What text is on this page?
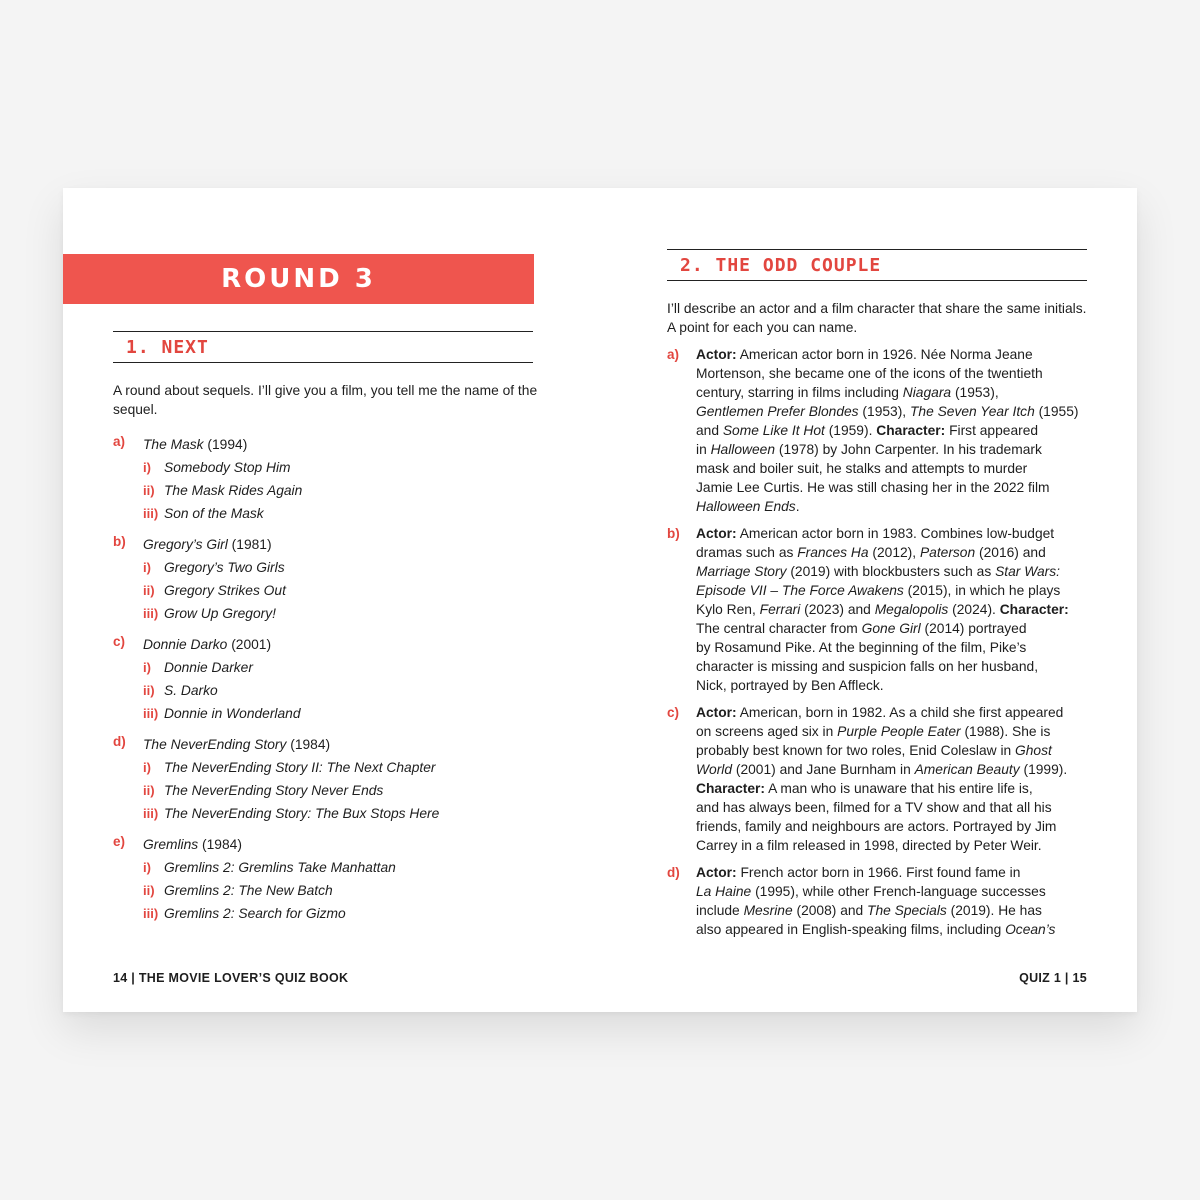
ROUND 3
1. NEXT

A round about sequels. I’ll give you a film, you tell me the name of the sequel.

a) The Mask (1994)
i) Somebody Stop Him
ii) The Mask Rides Again
iii) Son of the Mask
b) Gregory’s Girl (1981)
i) Gregory’s Two Girls
ii) Gregory Strikes Out
iii) Grow Up Gregory!
c) Donnie Darko (2001)
i) Donnie Darker
ii) S. Darko
iii) Donnie in Wonderland
d) The NeverEnding Story (1984)
i) The NeverEnding Story II: The Next Chapter
ii) The NeverEnding Story Never Ends
iii) The NeverEnding Story: The Bux Stops Here
e) Gremlins (1984)
i) Gremlins 2: Gremlins Take Manhattan
ii) Gremlins 2: The New Batch
iii) Gremlins 2: Search for Gizmo
14 | THE MOVIE LOVER’S QUIZ BOOK
2. THE ODD COUPLE

I’ll describe an actor and a film character that share the same initials. A point for each you can name.

a) Actor: American actor born in 1926. Née Norma Jeane
Mortenson, she became one of the icons of the twentieth
century, starring in films including Niagara (1953),
Gentlemen Prefer Blondes (1953), The Seven Year Itch (1955)
and Some Like It Hot (1959). Character: First appeared
in Halloween (1978) by John Carpenter. In his trademark
mask and boiler suit, he stalks and attempts to murder
Jamie Lee Curtis. He was still chasing her in the 2022 film
Halloween Ends.
b) Actor: American actor born in 1983. Combines low-budget
dramas such as Frances Ha (2012), Paterson (2016) and
Marriage Story (2019) with blockbusters such as Star Wars:
Episode VII – The Force Awakens (2015), in which he plays
Kylo Ren, Ferrari (2023) and Megalopolis (2024). Character:
The central character from Gone Girl (2014) portrayed
by Rosamund Pike. At the beginning of the film, Pike’s
character is missing and suspicion falls on her husband,
Nick, portrayed by Ben Affleck.
c) Actor: American, born in 1982. As a child she first appeared
on screens aged six in Purple People Eater (1988). She is
probably best known for two roles, Enid Coleslaw in Ghost
World (2001) and Jane Burnham in American Beauty (1999).
Character: A man who is unaware that his entire life is,
and has always been, filmed for a TV show and that all his
friends, family and neighbours are actors. Portrayed by Jim
Carrey in a film released in 1998, directed by Peter Weir.
d) Actor: French actor born in 1966. First found fame in
La Haine (1995), while other French-language successes
include Mesrine (2008) and The Specials (2019). He has
also appeared in English-speaking films, including Ocean’s
QUIZ 1 | 15
